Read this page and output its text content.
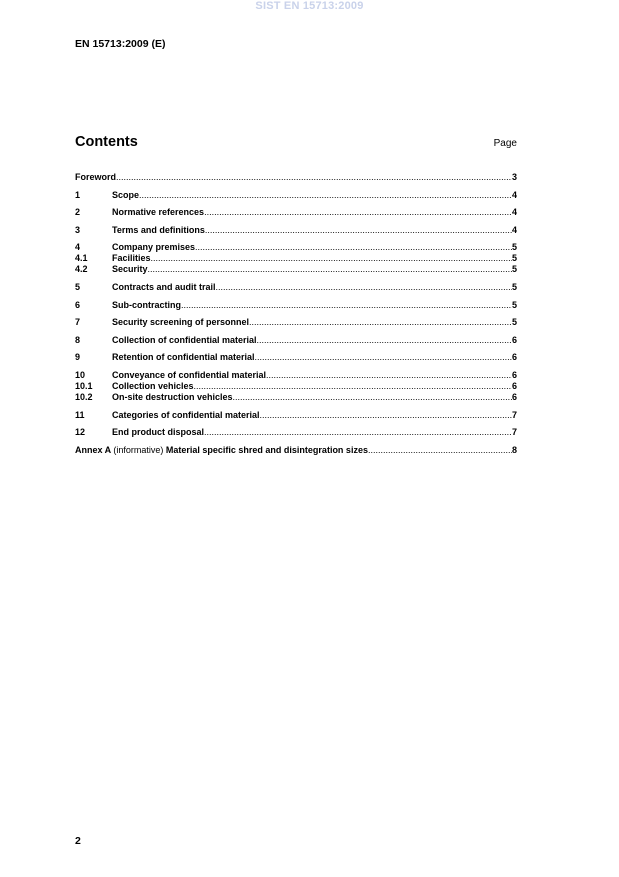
SIST EN 15713:2009
EN 15713:2009 (E)
Contents	Page
Foreword .....	3
1	Scope .....	4
2	Normative references .....	4
3	Terms and definitions .....	4
4	Company premises .....	5
4.1	Facilities .....	5
4.2	Security .....	5
5	Contracts and audit trail .....	5
6	Sub-contracting .....	5
7	Security screening of personnel .....	5
8	Collection of confidential material .....	6
9	Retention of confidential material .....	6
10	Conveyance of confidential material .....	6
10.1	Collection vehicles .....	6
10.2	On-site destruction vehicles .....	6
11	Categories of confidential material .....	7
12	End product disposal .....	7
Annex A (informative) Material specific shred and disintegration sizes .....	8
2
